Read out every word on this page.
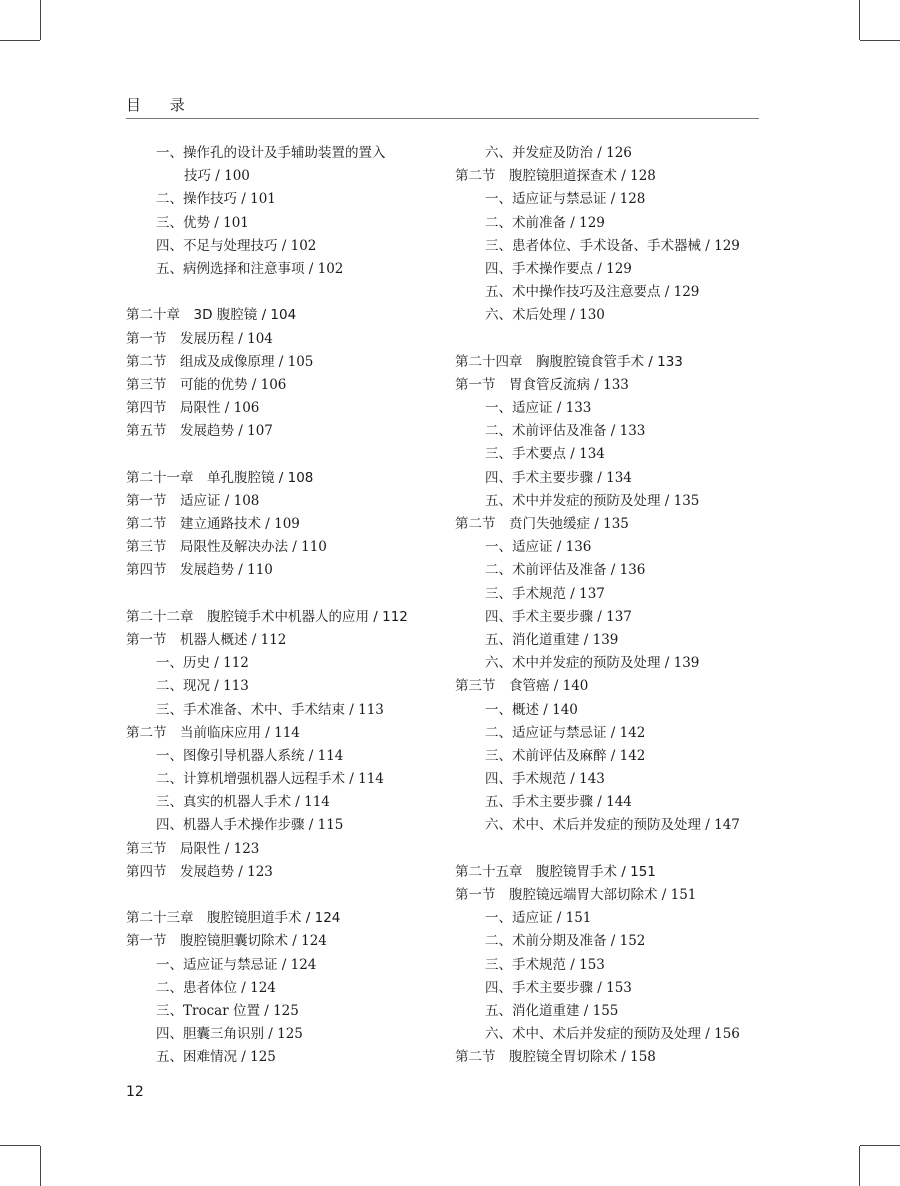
目 录
一、操作孔的设计及手辅助装置的置入
技巧 / 100
二、操作技巧 / 101
三、优势 / 101
四、不足与处理技巧 / 102
五、病例选择和注意事项 / 102
第二十章　3D 腹腔镜 / 104
第一节　发展历程 / 104
第二节　组成及成像原理 / 105
第三节　可能的优势 / 106
第四节　局限性 / 106
第五节　发展趋势 / 107
第二十一章　单孔腹腔镜 / 108
第一节　适应证 / 108
第二节　建立通路技术 / 109
第三节　局限性及解决办法 / 110
第四节　发展趋势 / 110
第二十二章　腹腔镜手术中机器人的应用 / 112
第一节　机器人概述 / 112
一、历史 / 112
二、现况 / 113
三、手术准备、术中、手术结束 / 113
第二节　当前临床应用 / 114
一、图像引导机器人系统 / 114
二、计算机增强机器人远程手术 / 114
三、真实的机器人手术 / 114
四、机器人手术操作步骤 / 115
第三节　局限性 / 123
第四节　发展趋势 / 123
第二十三章　腹腔镜胆道手术 / 124
第一节　腹腔镜胆囊切除术 / 124
一、适应证与禁忌证 / 124
二、患者体位 / 124
三、Trocar 位置 / 125
四、胆囊三角识别 / 125
五、困难情况 / 125
六、并发症及防治 / 126
第二节　腹腔镜胆道探查术 / 128
一、适应证与禁忌证 / 128
二、术前准备 / 129
三、患者体位、手术设备、手术器械 / 129
四、手术操作要点 / 129
五、术中操作技巧及注意要点 / 129
六、术后处理 / 130
第二十四章　胸腹腔镜食管手术 / 133
第一节　胃食管反流病 / 133
一、适应证 / 133
二、术前评估及准备 / 133
三、手术要点 / 134
四、手术主要步骤 / 134
五、术中并发症的预防及处理 / 135
第二节　贲门失弛缓症 / 135
一、适应证 / 136
二、术前评估及准备 / 136
三、手术规范 / 137
四、手术主要步骤 / 137
五、消化道重建 / 139
六、术中并发症的预防及处理 / 139
第三节　食管癌 / 140
一、概述 / 140
二、适应证与禁忌证 / 142
三、术前评估及麻醉 / 142
四、手术规范 / 143
五、手术主要步骤 / 144
六、术中、术后并发症的预防及处理 / 147
第二十五章　腹腔镜胃手术 / 151
第一节　腹腔镜远端胃大部切除术 / 151
一、适应证 / 151
二、术前分期及准备 / 152
三、手术规范 / 153
四、手术主要步骤 / 153
五、消化道重建 / 155
六、术中、术后并发症的预防及处理 / 156
第二节　腹腔镜全胃切除术 / 158
12
